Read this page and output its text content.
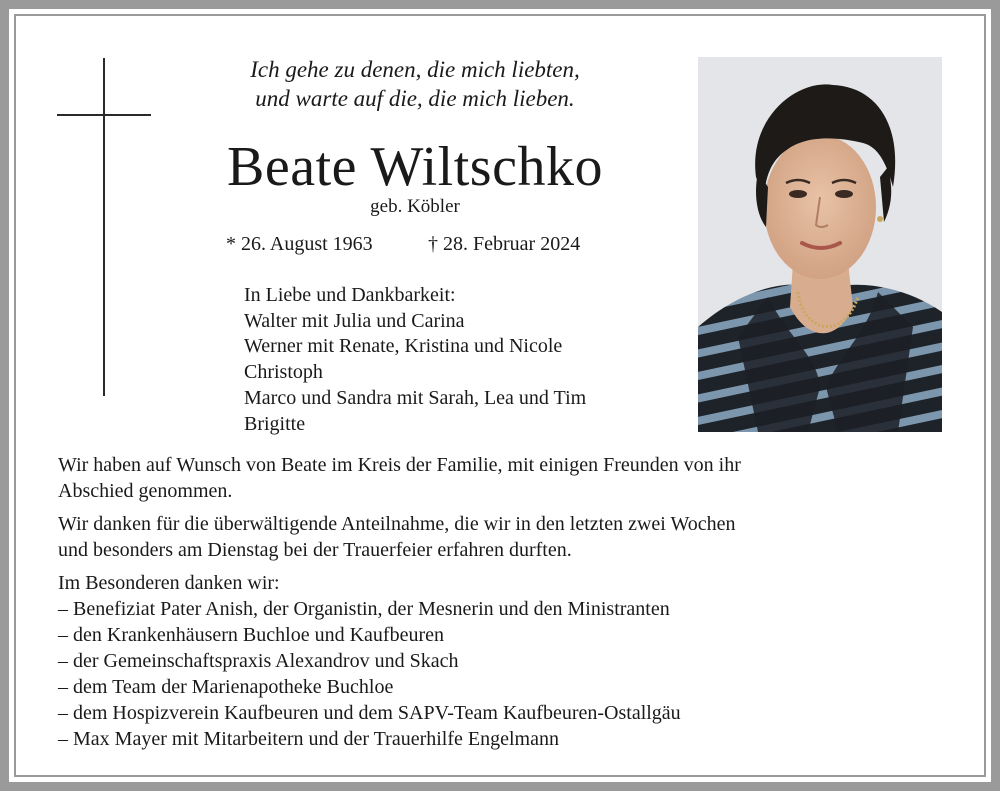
Ich gehe zu denen, die mich liebten,
und warte auf die, die mich lieben.
Beate Wiltschko
geb. Köbler
* 26. August 1963	† 28. Februar 2024
In Liebe und Dankbarkeit:
Walter mit Julia und Carina
Werner mit Renate, Kristina und Nicole
Christoph
Marco und Sandra mit Sarah, Lea und Tim
Brigitte
Wir haben auf Wunsch von Beate im Kreis der Familie, mit einigen Freunden von ihr
Abschied genommen.
Wir danken für die überwältigende Anteilnahme, die wir in den letzten zwei Wochen
und besonders am Dienstag bei der Trauerfeier erfahren durften.
Im Besonderen danken wir:
– Benefiziat Pater Anish, der Organistin, der Mesnerin und den Ministranten
– den Krankenhäusern Buchloe und Kaufbeuren
– der Gemeinschaftspraxis Alexandrov und Skach
– dem Team der Marienapotheke Buchloe
– dem Hospizverein Kaufbeuren und dem SAPV-Team Kaufbeuren-Ostallgäu
– Max Mayer mit Mitarbeitern und der Trauerhilfe Engelmann
